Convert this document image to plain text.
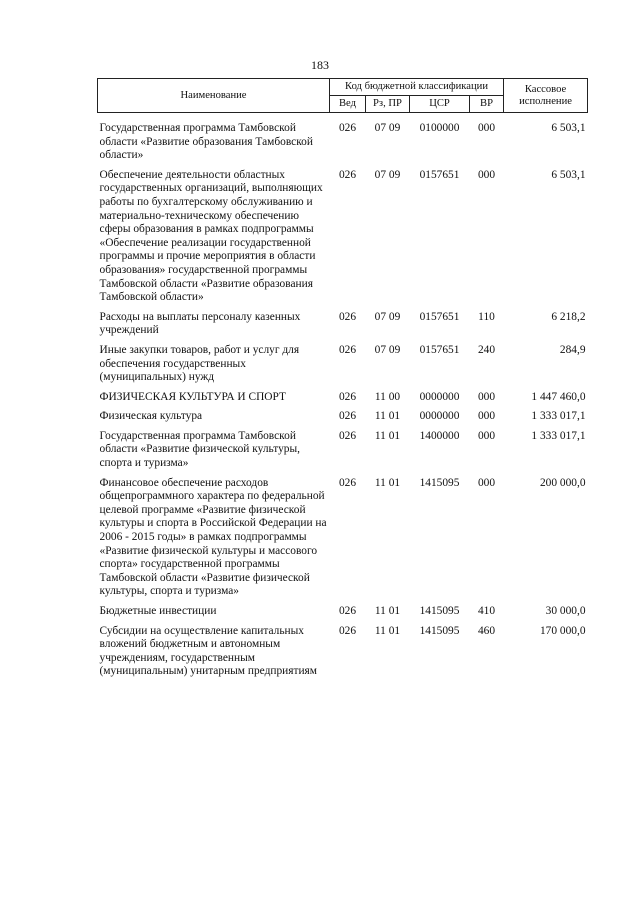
183
Наименование	Код бюджетной классификации				Кассовое
исполнение
	Вед	Рз, ПР	ЦСР	ВР	

Государственная программа Тамбовской области «Развитие образования Тамбовской области»	026	07 09	0100000	000	6 503,1
Обеспечение деятельности областных государственных организаций, выполняющих работы по бухгалтерскому обслуживанию и материально-техническому обеспечению сферы образования в рамках подпрограммы «Обеспечение реализации государственной программы и прочие мероприятия в области образования» государственной программы Тамбовской области «Развитие образования Тамбовской области»	026	07 09	0157651	000	6 503,1
Расходы на выплаты персоналу казенных учреждений	026	07 09	0157651	110	6 218,2
Иные закупки товаров, работ и услуг для обеспечения государственных (муниципальных) нужд	026	07 09	0157651	240	284,9
ФИЗИЧЕСКАЯ КУЛЬТУРА И СПОРТ	026	11 00	0000000	000	1 447 460,0
Физическая культура	026	11 01	0000000	000	1 333 017,1
Государственная программа Тамбовской области «Развитие физической культуры, спорта и туризма»	026	11 01	1400000	000	1 333 017,1
Финансовое обеспечение расходов общепрограммного характера по федеральной целевой программе «Развитие физической культуры и спорта в Российской Федерации на 2006 - 2015 годы» в рамках подпрограммы «Развитие физической культуры и массового спорта» государственной программы Тамбовской области «Развитие физической культуры, спорта и туризма»	026	11 01	1415095	000	200 000,0
Бюджетные инвестиции	026	11 01	1415095	410	30 000,0
Субсидии на осуществление капитальных вложений бюджетным и автономным учреждениям, государственным (муниципальным) унитарным предприятиям	026	11 01	1415095	460	170 000,0
